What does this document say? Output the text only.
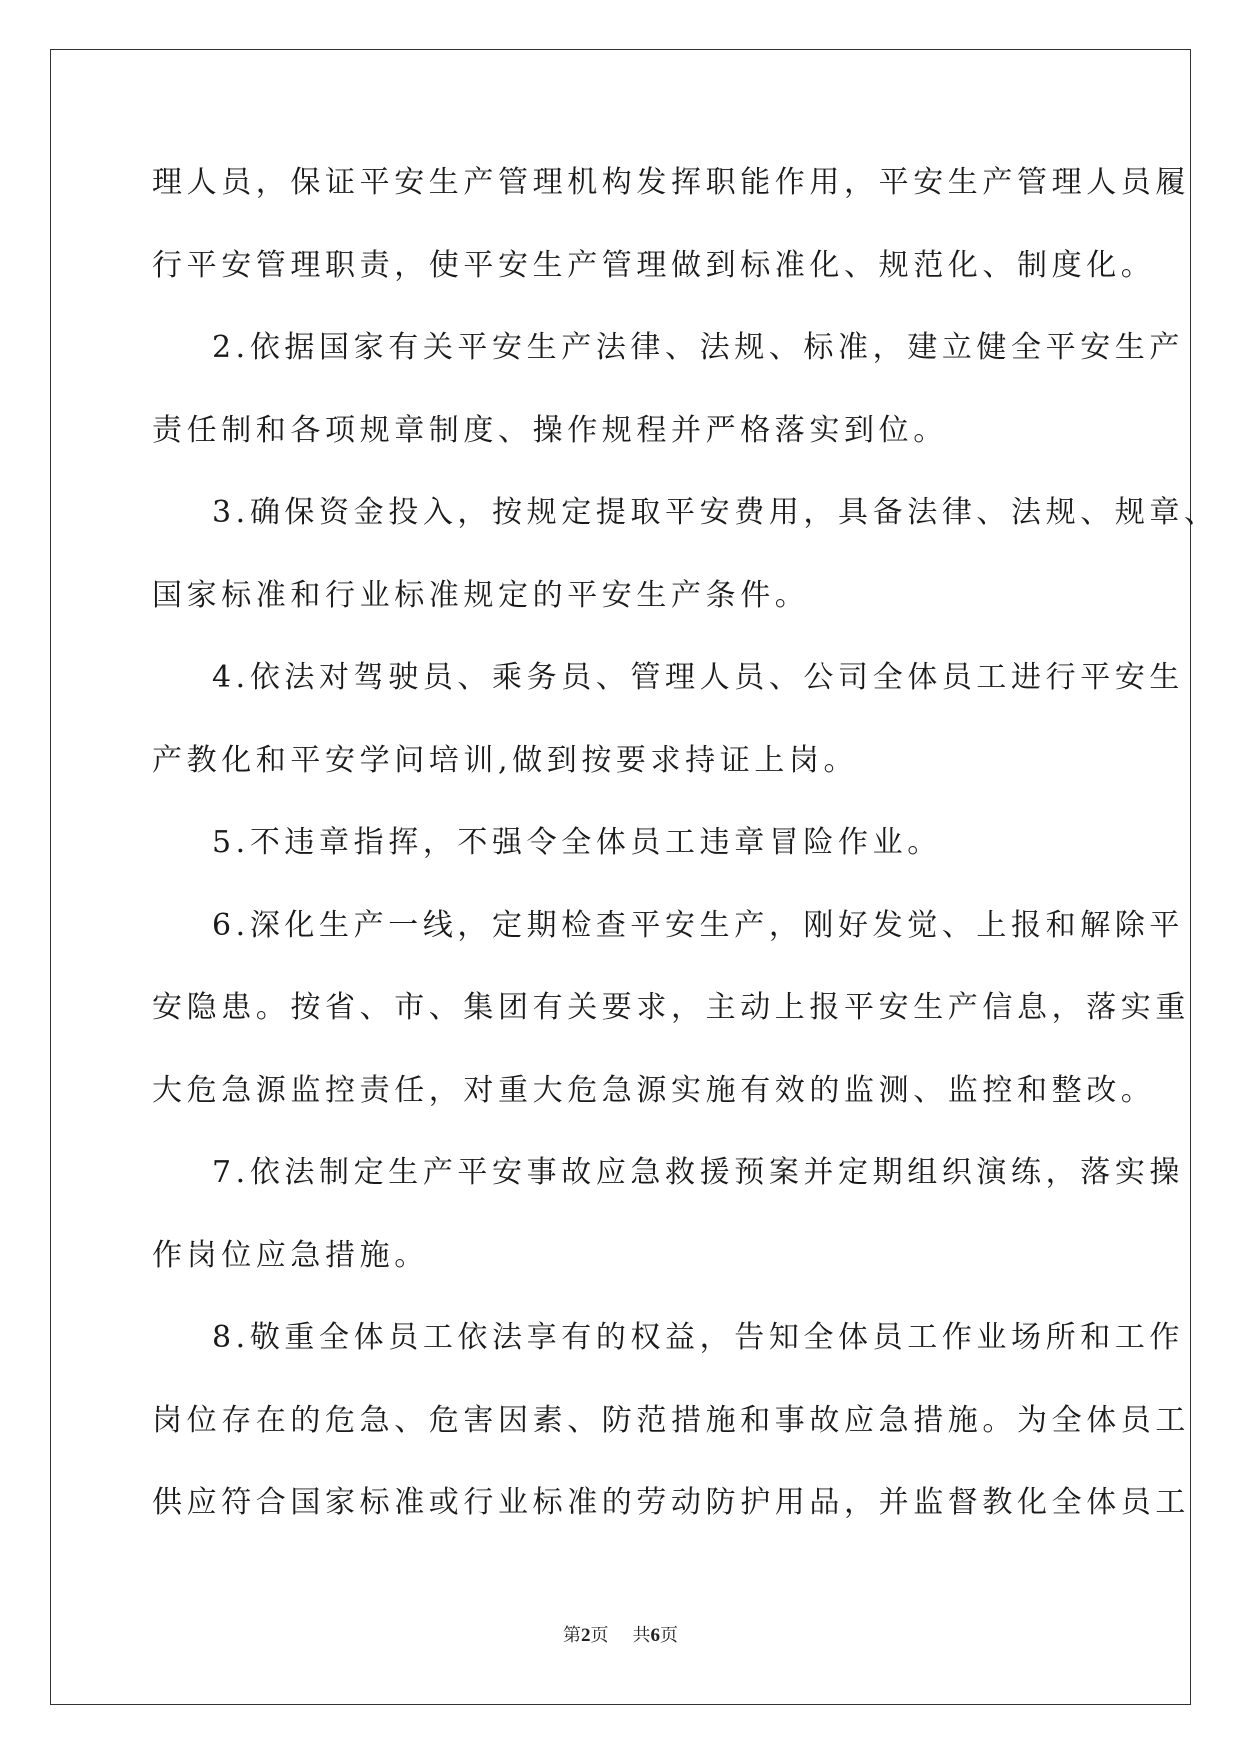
理人员，保证平安生产管理机构发挥职能作用，平安生产管理人员履
行平安管理职责，使平安生产管理做到标准化、规范化、制度化。
2.依据国家有关平安生产法律、法规、标准，建立健全平安生产
责任制和各项规章制度、操作规程并严格落实到位。
3.确保资金投入，按规定提取平安费用，具备法律、法规、规章、
国家标准和行业标准规定的平安生产条件。
4.依法对驾驶员、乘务员、管理人员、公司全体员工进行平安生
产教化和平安学问培训,做到按要求持证上岗。
5.不违章指挥，不强令全体员工违章冒险作业。
6.深化生产一线，定期检查平安生产，刚好发觉、上报和解除平
安隐患。按省、市、集团有关要求，主动上报平安生产信息，落实重
大危急源监控责任，对重大危急源实施有效的监测、监控和整改。
7.依法制定生产平安事故应急救援预案并定期组织演练，落实操
作岗位应急措施。
8.敬重全体员工依法享有的权益，告知全体员工作业场所和工作
岗位存在的危急、危害因素、防范措施和事故应急措施。为全体员工
供应符合国家标准或行业标准的劳动防护用品，并监督教化全体员工
第2页 共6页
